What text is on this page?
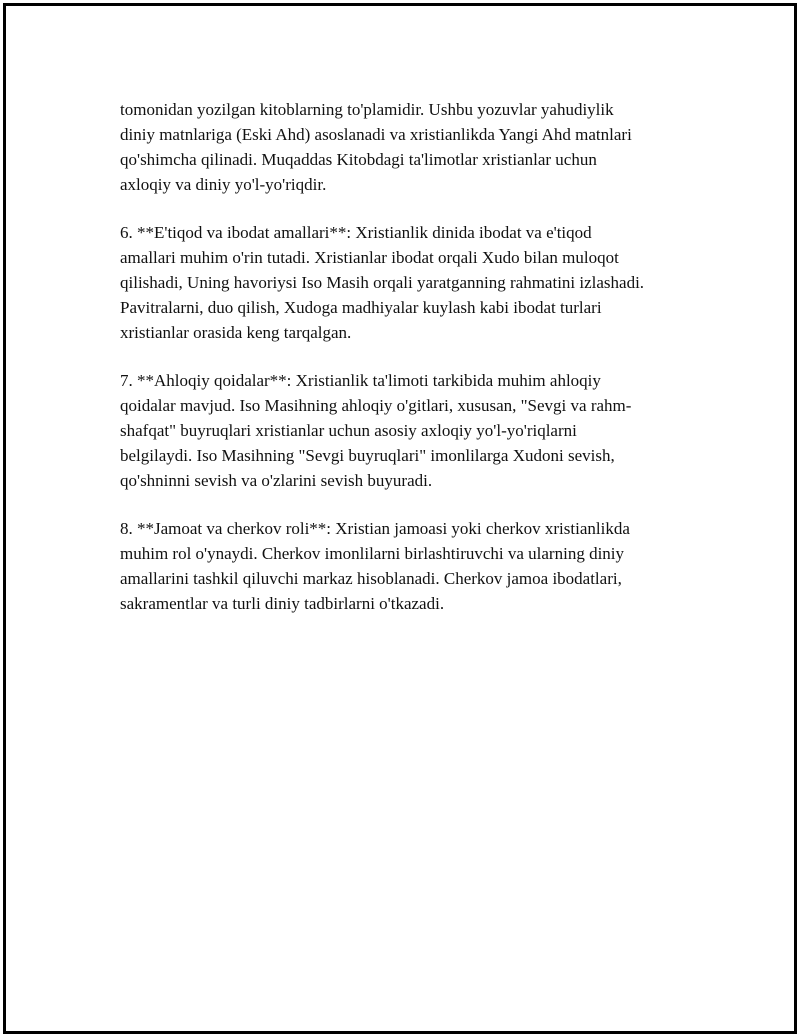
tomonidan yozilgan kitoblarning to'plamidir. Ushbu yozuvlar yahudiylik
diniy matnlariga (Eski Ahd) asoslanadi va xristianlikda Yangi Ahd matnlari
qo'shimcha qilinadi. Muqaddas Kitobdagi ta'limotlar xristianlar uchun
axloqiy va diniy yo'l-yo'riqdir.

6. **E'tiqod va ibodat amallari**: Xristianlik dinida ibodat va e'tiqod
amallari muhim o'rin tutadi. Xristianlar ibodat orqali Xudo bilan muloqot
qilishadi, Uning havoriysi Iso Masih orqali yaratganning rahmatini izlashadi.
Pavitralarni, duo qilish, Xudoga madhiyalar kuylash kabi ibodat turlari
xristianlar orasida keng tarqalgan.

7. **Ahloqiy qoidalar**: Xristianlik ta'limoti tarkibida muhim ahloqiy
qoidalar mavjud. Iso Masihning ahloqiy o'gitlari, xususan, "Sevgi va rahm-
shafqat" buyruqlari xristianlar uchun asosiy axloqiy yo'l-yo'riqlarni
belgilaydi. Iso Masihning "Sevgi buyruqlari" imonlilarga Xudoni sevish,
qo'shninni sevish va o'zlarini sevish buyuradi.

8. **Jamoat va cherkov roli**: Xristian jamoasi yoki cherkov xristianlikda
muhim rol o'ynaydi. Cherkov imonlilarni birlashtiruvchi va ularning diniy
amallarini tashkil qiluvchi markaz hisoblanadi. Cherkov jamoa ibodatlari,
sakramentlar va turli diniy tadbirlarni o'tkazadi.
